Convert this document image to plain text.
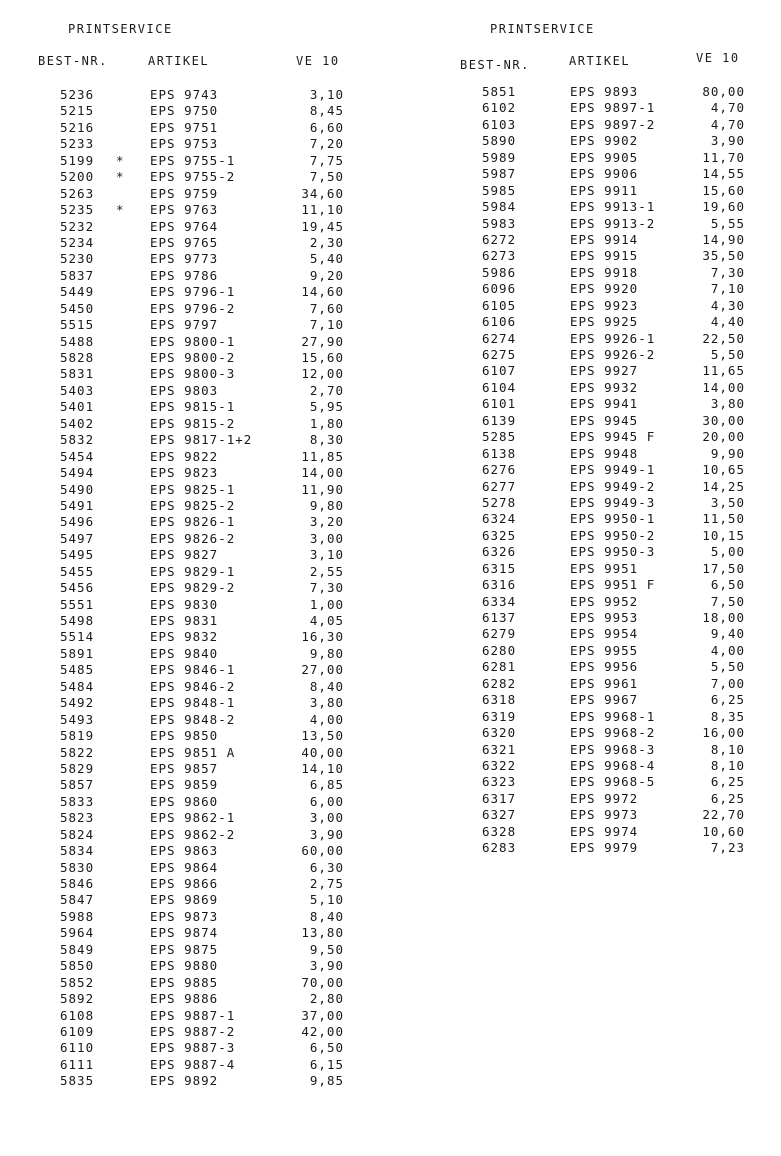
PRINTSERVICE
BEST-NR.	ARTIKEL	VE 10
5236	EPS 9743	3,10
5215	EPS 9750	8,45
5216	EPS 9751	6,60
5233	EPS 9753	7,20
5199 * EPS 9755-1	7,75
5200 * EPS 9755-2	7,50
5263	EPS 9759	34,60
5235 * EPS 9763	11,10
5232	EPS 9764	19,45
5234	EPS 9765	2,30
5230	EPS 9773	5,40
5837	EPS 9786	9,20
5449	EPS 9796-1	14,60
5450	EPS 9796-2	7,60
5515	EPS 9797	7,10
5488	EPS 9800-1	27,90
5828	EPS 9800-2	15,60
5831	EPS 9800-3	12,00
5403	EPS 9803	2,70
5401	EPS 9815-1	5,95
5402	EPS 9815-2	1,80
5832	EPS 9817-1+2	8,30
5454	EPS 9822	11,85
5494	EPS 9823	14,00
5490	EPS 9825-1	11,90
5491	EPS 9825-2	9,80
5496	EPS 9826-1	3,20
5497	EPS 9826-2	3,00
5495	EPS 9827	3,10
5455	EPS 9829-1	2,55
5456	EPS 9829-2	7,30
5551	EPS 9830	1,00
5498	EPS 9831	4,05
5514	EPS 9832	16,30
5891	EPS 9840	9,80
5485	EPS 9846-1	27,00
5484	EPS 9846-2	8,40
5492	EPS 9848-1	3,80
5493	EPS 9848-2	4,00
5819	EPS 9850	13,50
5822	EPS 9851 A	40,00
5829	EPS 9857	14,10
5857	EPS 9859	6,85
5833	EPS 9860	6,00
5823	EPS 9862-1	3,00
5824	EPS 9862-2	3,90
5834	EPS 9863	60,00
5830	EPS 9864	6,30
5846	EPS 9866	2,75
5847	EPS 9869	5,10
5988	EPS 9873	8,40
5964	EPS 9874	13,80
5849	EPS 9875	9,50
5850	EPS 9880	3,90
5852	EPS 9885	70,00
5892	EPS 9886	2,80
6108	EPS 9887-1	37,00
6109	EPS 9887-2	42,00
6110	EPS 9887-3	6,50
6111	EPS 9887-4	6,15
5835	EPS 9892	9,85
PRINTSERVICE
BEST-NR.	ARTIKEL	VE 10
5851	EPS 9893	80,00
6102	EPS 9897-1	4,70
6103	EPS 9897-2	4,70
5890	EPS 9902	3,90
5989	EPS 9905	11,70
5987	EPS 9906	14,55
5985	EPS 9911	15,60
5984	EPS 9913-1	19,60
5983	EPS 9913-2	5,55
6272	EPS 9914	14,90
6273	EPS 9915	35,50
5986	EPS 9918	7,30
6096	EPS 9920	7,10
6105	EPS 9923	4,30
6106	EPS 9925	4,40
6274	EPS 9926-1	22,50
6275	EPS 9926-2	5,50
6107	EPS 9927	11,65
6104	EPS 9932	14,00
6101	EPS 9941	3,80
6139	EPS 9945	30,00
5285	EPS 9945 F	20,00
6138	EPS 9948	9,90
6276	EPS 9949-1	10,65
6277	EPS 9949-2	14,25
5278	EPS 9949-3	3,50
6324	EPS 9950-1	11,50
6325	EPS 9950-2	10,15
6326	EPS 9950-3	5,00
6315	EPS 9951	17,50
6316	EPS 9951 F	6,50
6334	EPS 9952	7,50
6137	EPS 9953	18,00
6279	EPS 9954	9,40
6280	EPS 9955	4,00
6281	EPS 9956	5,50
6282	EPS 9961	7,00
6318	EPS 9967	6,25
6319	EPS 9968-1	8,35
6320	EPS 9968-2	16,00
6321	EPS 9968-3	8,10
6322	EPS 9968-4	8,10
6323	EPS 9968-5	6,25
6317	EPS 9972	6,25
6327	EPS 9973	22,70
6328	EPS 9974	10,60
6283	EPS 9979	7,23
